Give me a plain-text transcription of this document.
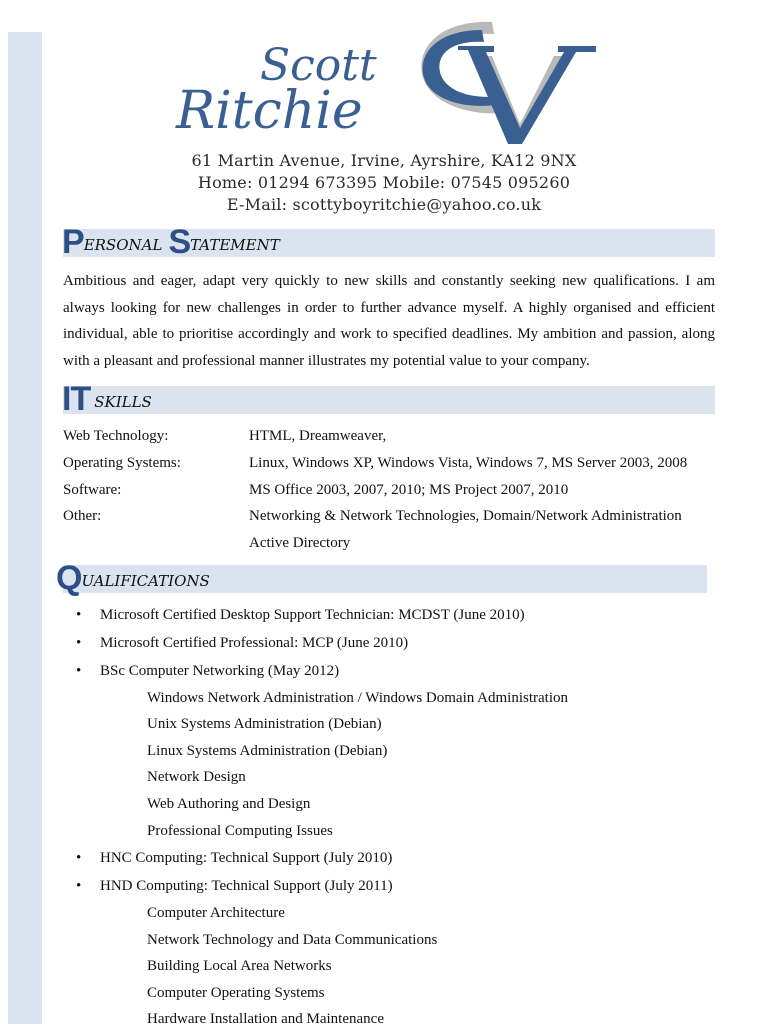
Scott
Ritchie
61 Martin Avenue, Irvine, Ayrshire, KA12 9NX
Home: 01294 673395 Mobile: 07545 095260
E-Mail: scottyboyritchie@yahoo.co.uk
P ERSONAL S TATEMENT
Ambitious and eager, adapt very quickly to new skills and constantly seeking new qualifications. I am always looking for new challenges in order to further advance myself. A highly organised and efficient individual, able to prioritise accordingly and work to specified deadlines. My ambition and passion, along with a pleasant and professional manner illustrates my potential value to your company.
IT SKILLS
Web Technology:	HTML, Dreamweaver,
Operating Systems:	Linux, Windows XP, Windows Vista, Windows 7, MS Server 2003, 2008
Software:	MS Office 2003, 2007, 2010; MS Project 2007, 2010
Other:	Networking & Network Technologies, Domain/Network Administration
Active Directory
Q UALIFICATIONS
• Microsoft Certified Desktop Support Technician: MCDST (June 2010)
• Microsoft Certified Professional: MCP (June 2010)
• BSc Computer Networking (May 2012)
Windows Network Administration / Windows Domain Administration
Unix Systems Administration (Debian)
Linux Systems Administration (Debian)
Network Design
Web Authoring and Design
Professional Computing Issues
• HNC Computing: Technical Support (July 2010)
• HND Computing: Technical Support (July 2011)
Computer Architecture
Network Technology and Data Communications
Building Local Area Networks
Computer Operating Systems
Hardware Installation and Maintenance
